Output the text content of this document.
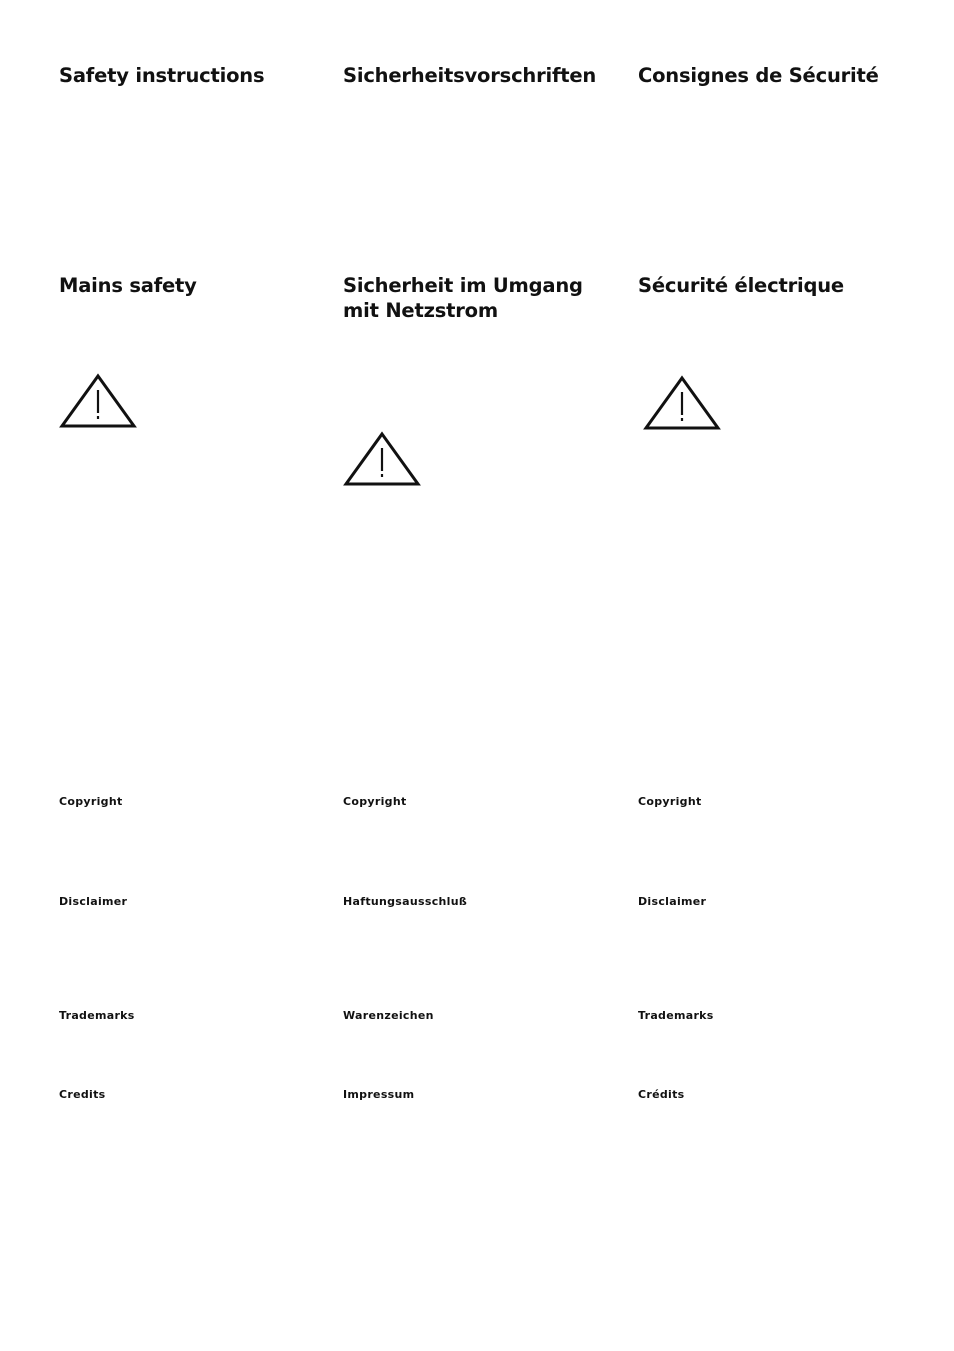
Safety instructions
Mains safety
Copyright
Disclaimer
Trademarks
Credits
Sicherheitsvorschriften
Sicherheit im Umgang mit Netzstrom
Copyright
Haftungsausschluß
Warenzeichen
Impressum
Consignes de Sécurité
Sécurité électrique
Copyright
Disclaimer
Trademarks
Crédits
